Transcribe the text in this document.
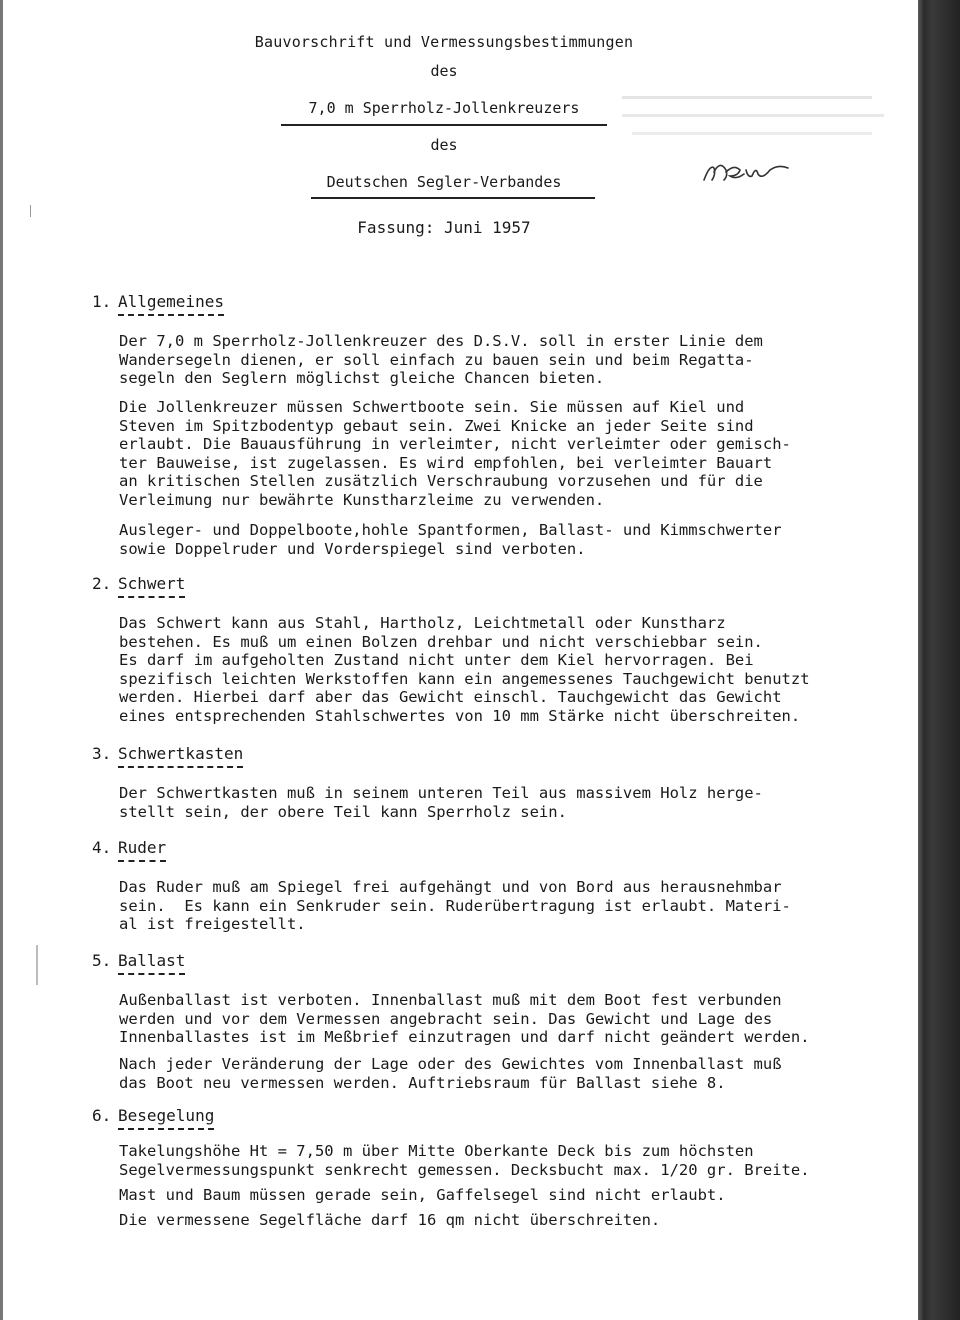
Bauvorschrift und Vermessungsbestimmungen
des
7,0 m Sperrholz-Jollenkreuzers
des
Deutschen Segler-Verbandes
Fassung: Juni 1957
1. Allgemeines
Der 7,0 m Sperrholz-Jollenkreuzer des D.S.V. soll in erster Linie dem
Wandersegeln dienen, er soll einfach zu bauen sein und beim Regatta-
segeln den Seglern möglichst gleiche Chancen bieten.
Die Jollenkreuzer müssen Schwertboote sein. Sie müssen auf Kiel und
Steven im Spitzbodentyp gebaut sein. Zwei Knicke an jeder Seite sind
erlaubt. Die Bauausführung in verleimter, nicht verleimter oder gemisch-
ter Bauweise, ist zugelassen. Es wird empfohlen, bei verleimter Bauart
an kritischen Stellen zusätzlich Verschraubung vorzusehen und für die
Verleimung nur bewährte Kunstharzleime zu verwenden.
Ausleger- und Doppelboote,hohle Spantformen, Ballast- und Kimmschwerter
sowie Doppelruder und Vorderspiegel sind verboten.
2. Schwert
Das Schwert kann aus Stahl, Hartholz, Leichtmetall oder Kunstharz
bestehen. Es muß um einen Bolzen drehbar und nicht verschiebbar sein.
Es darf im aufgeholten Zustand nicht unter dem Kiel hervorragen. Bei
spezifisch leichten Werkstoffen kann ein angemessenes Tauchgewicht benutzt
werden. Hierbei darf aber das Gewicht einschl. Tauchgewicht das Gewicht
eines entsprechenden Stahlschwertes von 10 mm Stärke nicht überschreiten.
3. Schwertkasten
Der Schwertkasten muß in seinem unteren Teil aus massivem Holz herge-
stellt sein, der obere Teil kann Sperrholz sein.
4. Ruder
Das Ruder muß am Spiegel frei aufgehängt und von Bord aus herausnehmbar
sein.  Es kann ein Senkruder sein. Ruderübertragung ist erlaubt. Materi-
al ist freigestellt.
5. Ballast
Außenballast ist verboten. Innenballast muß mit dem Boot fest verbunden
werden und vor dem Vermessen angebracht sein. Das Gewicht und Lage des
Innenballastes ist im Meßbrief einzutragen und darf nicht geändert werden.
Nach jeder Veränderung der Lage oder des Gewichtes vom Innenballast muß
das Boot neu vermessen werden. Auftriebsraum für Ballast siehe 8.
6. Besegelung
Takelungshöhe Ht = 7,50 m über Mitte Oberkante Deck bis zum höchsten
Segelvermessungspunkt senkrecht gemessen. Decksbucht max. 1/20 gr. Breite.
Mast und Baum müssen gerade sein, Gaffelsegel sind nicht erlaubt.
Die vermessene Segelfläche darf 16 qm nicht überschreiten.
